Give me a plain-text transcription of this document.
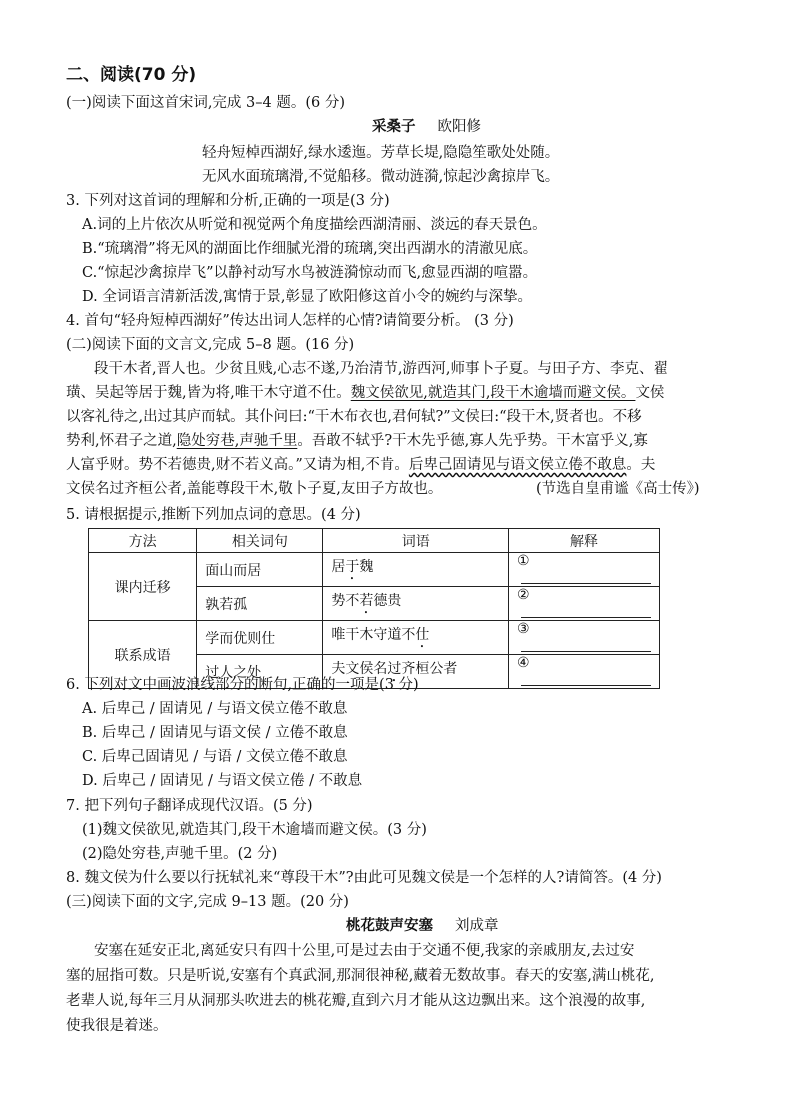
二、阅读(70 分)
(一)阅读下面这首宋词,完成 3–4 题。(6 分)
采桑子 欧阳修
轻舟短棹西湖好,绿水逶迤。芳草长堤,隐隐笙歌处处随。
无风水面琉璃滑,不觉船移。微动涟漪,惊起沙禽掠岸飞。
3. 下列对这首词的理解和分析,正确的一项是(3 分)
A.词的上片依次从听觉和视觉两个角度描绘西湖清丽、淡远的春天景色。
B.“琉璃滑”将无风的湖面比作细腻光滑的琉璃,突出西湖水的清澈见底。
C.“惊起沙禽掠岸飞”以静衬动写水鸟被涟漪惊动而飞,愈显西湖的喧嚣。
D. 全词语言清新活泼,寓情于景,彰显了欧阳修这首小令的婉约与深挚。
4. 首句“轻舟短棹西湖好”传达出词人怎样的心情?请简要分析。 (3 分)
(二)阅读下面的文言文,完成 5–8 题。(16 分)
段干木者,晋人也。少贫且贱,心志不遂,乃治清节,游西河,师事卜子夏。与田子方、李克、翟
璜、吴起等居于魏,皆为将,唯干木守道不仕。魏文侯欲见,就造其门,段干木逾墙而避文侯。文侯
以客礼待之,出过其庐而轼。其仆问曰:“干木布衣也,君何轼?”文侯曰:“段干木,贤者也。不移
势利,怀君子之道,隐处穷巷,声驰千里。吾敢不轼乎?干木先乎德,寡人先乎势。干木富乎义,寡
人富乎财。势不若德贵,财不若义高。”又请为相,不肯。后卑己固请见与语文侯立倦不敢息。夫
文侯名过齐桓公者,盖能尊段干木,敬卜子夏,友田子方故也。	(节选自皇甫谧《高士传》)
5. 请根据提示,推断下列加点词的意思。(4 分)
方法	相关词句	词语	解释
课内迁移	面山而居	居于魏	①
	孰若孤	势不若德贵	②
联系成语	学而优则仕	唯干木守道不仕	③
	过人之处	夫文侯名过齐桓公者	④
6. 下列对文中画波浪线部分的断句,正确的一项是(3 分)
A. 后卑己 / 固请见 / 与语文侯立倦不敢息
B. 后卑己 / 固请见与语文侯 / 立倦不敢息
C. 后卑己固请见 / 与语 / 文侯立倦不敢息
D. 后卑己 / 固请见 / 与语文侯立倦 / 不敢息
7. 把下列句子翻译成现代汉语。(5 分)
(1)魏文侯欲见,就造其门,段干木逾墙而避文侯。(3 分)
(2)隐处穷巷,声驰千里。(2 分)
8. 魏文侯为什么要以行抚轼礼来“尊段干木”?由此可见魏文侯是一个怎样的人?请简答。(4 分)
(三)阅读下面的文字,完成 9–13 题。(20 分)
桃花鼓声安塞 刘成章
安塞在延安正北,离延安只有四十公里,可是过去由于交通不便,我家的亲戚朋友,去过安
塞的屈指可数。只是听说,安塞有个真武洞,那洞很神秘,藏着无数故事。春天的安塞,满山桃花,
老辈人说,每年三月从洞那头吹进去的桃花瓣,直到六月才能从这边飘出来。这个浪漫的故事,
使我很是着迷。
